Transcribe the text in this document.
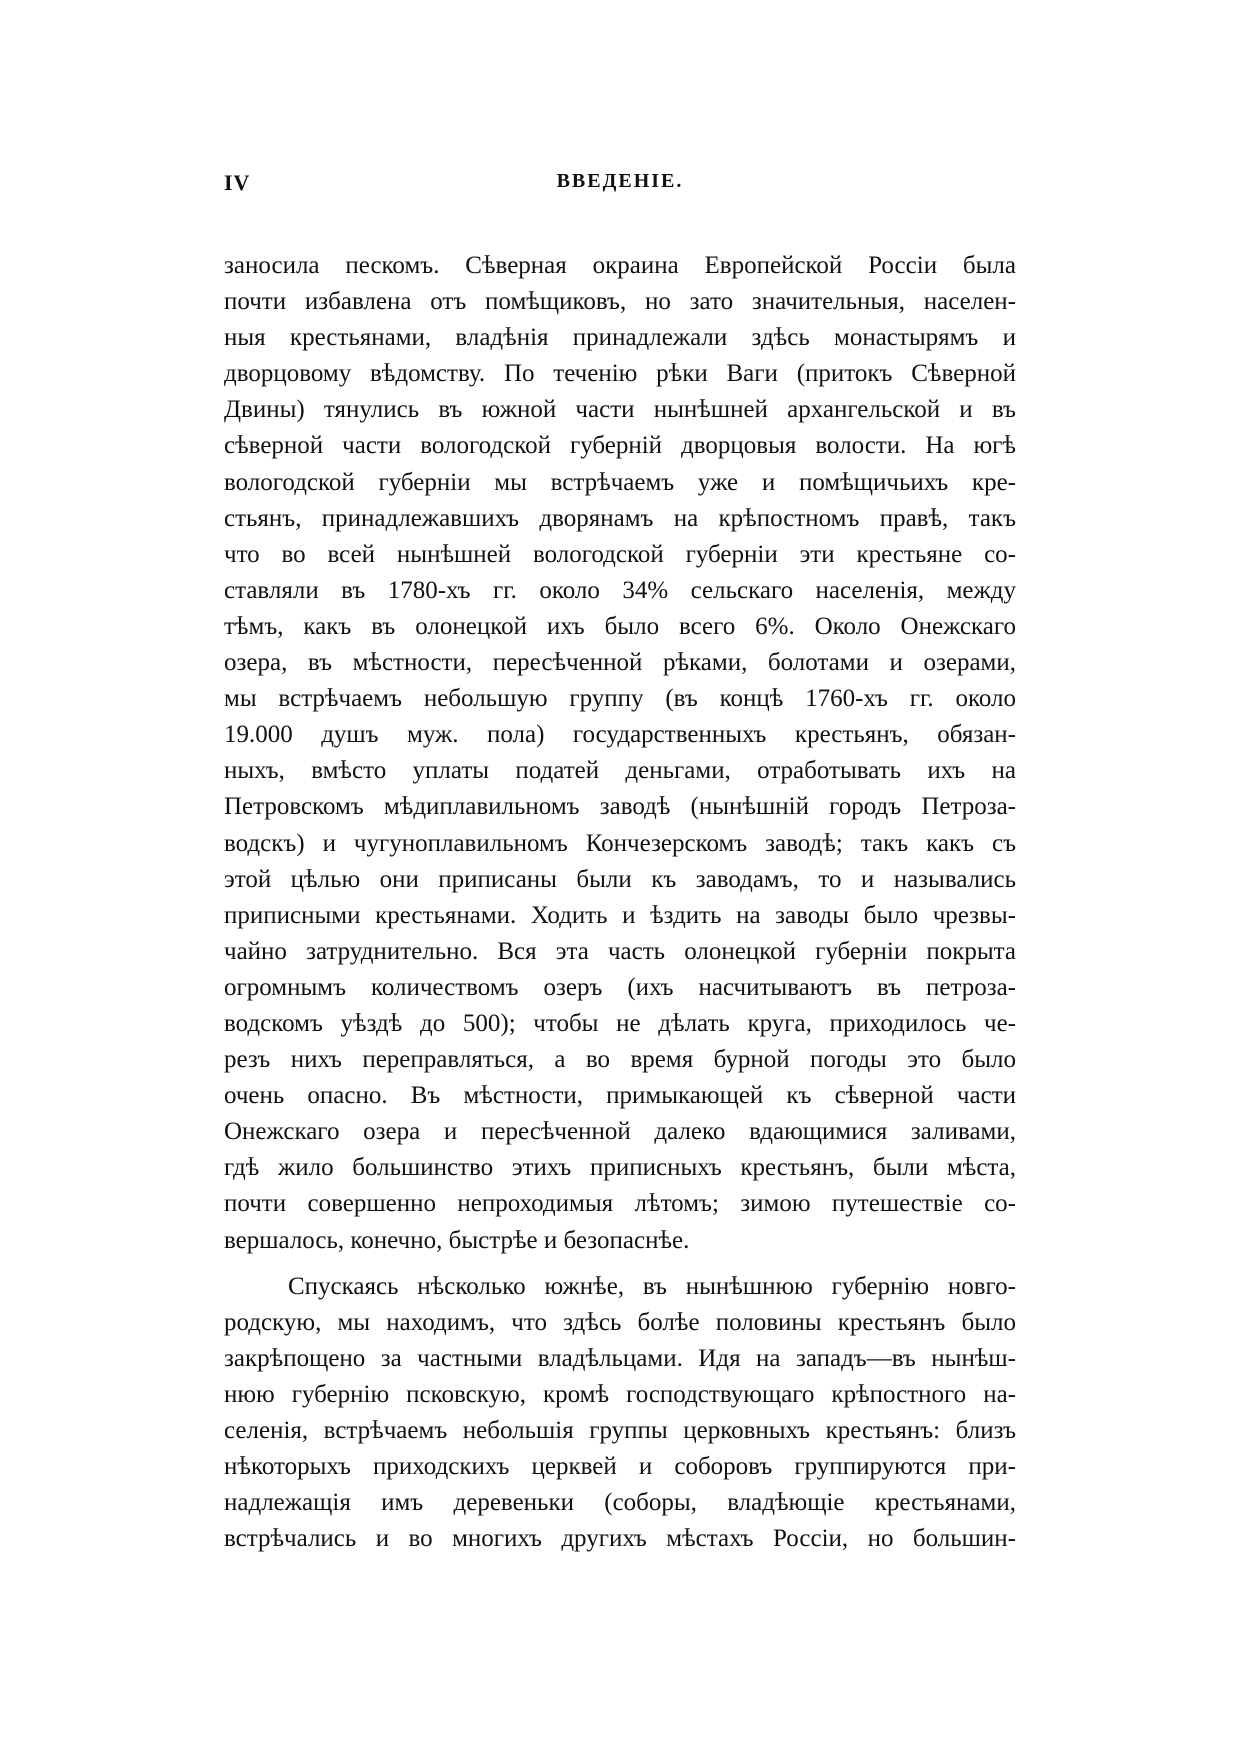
IV	ВВЕДЕНІЕ.
заносила пескомъ. Сѣверная окраина Европейской Россіи была
почти избавлена отъ помѣщиковъ, но зато значительныя, населен-
ныя крестьянами, владѣнія принадлежали здѣсь монастырямъ и
дворцовому вѣдомству. По теченію рѣки Ваги (притокъ Сѣверной
Двины) тянулись въ южной части нынѣшней архангельской и въ
сѣверной части вологодской губерній дворцовыя волости. На югѣ
вологодской губерніи мы встрѣчаемъ уже и помѣщичьихъ кре-
стьянъ, принадлежавшихъ дворянамъ на крѣпостномъ правѣ, такъ
что во всей нынѣшней вологодской губерніи эти крестьяне со-
ставляли въ 1780-хъ гг. около 34% сельскаго населенія, между
тѣмъ, какъ въ олонецкой ихъ было всего 6%. Около Онежскаго
озера, въ мѣстности, пересѣченной рѣками, болотами и озерами,
мы встрѣчаемъ небольшую группу (въ концѣ 1760-хъ гг. около
19.000 душъ муж. пола) государственныхъ крестьянъ, обязан-
ныхъ, вмѣсто уплаты податей деньгами, отработывать ихъ на
Петровскомъ мѣдиплавильномъ заводѣ (нынѣшній городъ Петроза-
водскъ) и чугуноплавильномъ Кончезерскомъ заводѣ; такъ какъ съ
этой цѣлью они приписаны были къ заводамъ, то и назывались
приписными крестьянами. Ходить и ѣздить на заводы было чрезвы-
чайно затруднительно. Вся эта часть олонецкой губерніи покрыта
огромнымъ количествомъ озеръ (ихъ насчитываютъ въ петроза-
водскомъ уѣздѣ до 500); чтобы не дѣлать круга, приходилось че-
резъ нихъ переправляться, а во время бурной погоды это было
очень опасно. Въ мѣстности, примыкающей къ сѣверной части
Онежскаго озера и пересѣченной далеко вдающимися заливами,
гдѣ жило большинство этихъ приписныхъ крестьянъ, были мѣста,
почти совершенно непроходимыя лѣтомъ; зимою путешествіе со-
вершалось, конечно, быстрѣе и безопаснѣе.
Спускаясь нѣсколько южнѣе, въ нынѣшнюю губернію новго-
родскую, мы находимъ, что здѣсь болѣе половины крестьянъ было
закрѣпощено за частными владѣльцами. Идя на западъ—въ нынѣш-
нюю губернію псковскую, кромѣ господствующаго крѣпостного на-
селенія, встрѣчаемъ небольшія группы церковныхъ крестьянъ: близъ
нѣкоторыхъ приходскихъ церквей и соборовъ группируются при-
надлежащія имъ деревеньки (соборы, владѣющіе крестьянами,
встрѣчались и во многихъ другихъ мѣстахъ Россіи, но большин-
